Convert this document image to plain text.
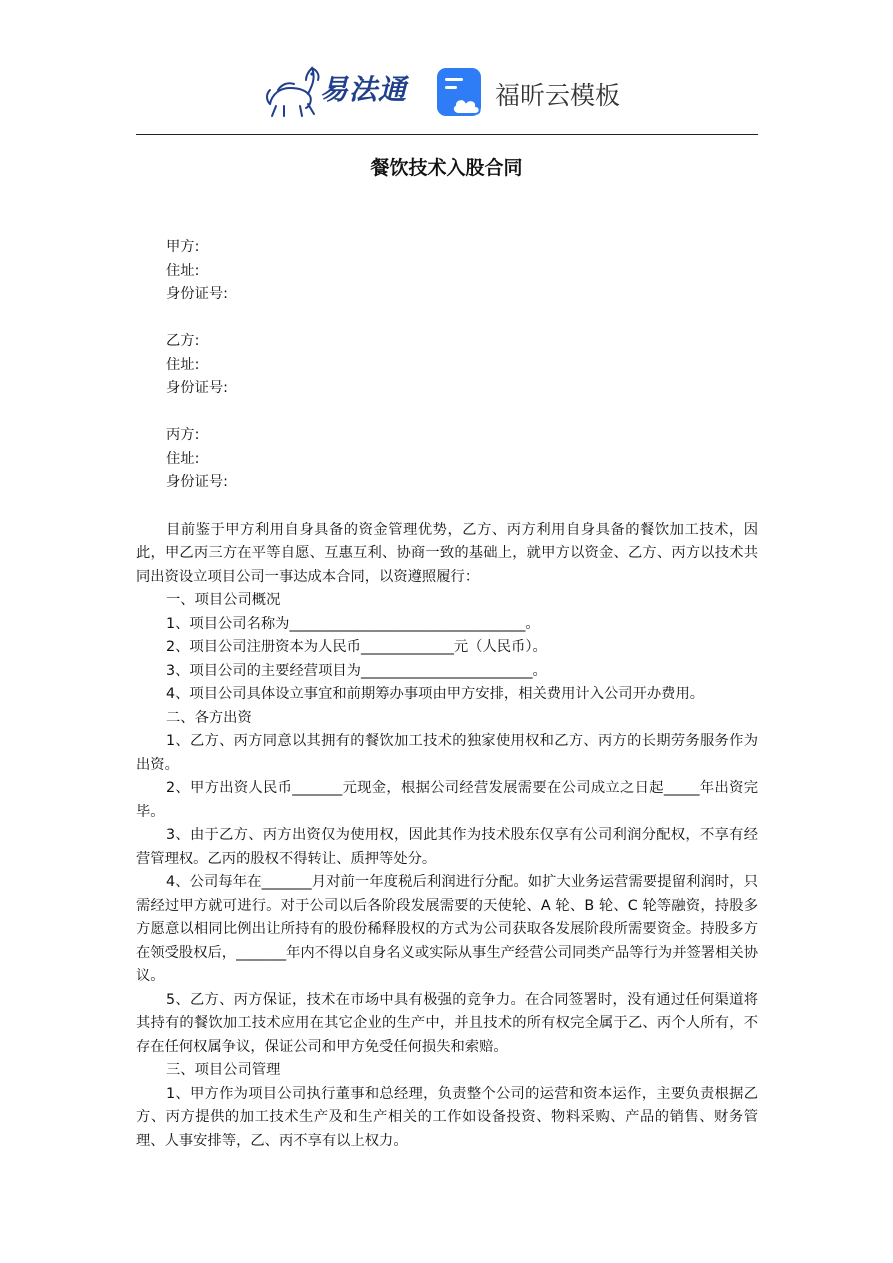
易法通	福昕云模板
餐饮技术入股合同
甲方:
住址:
身份证号:
乙方:
住址:
身份证号:
丙方:
住址:
身份证号:

目前鉴于甲方利用自身具备的资金管理优势，乙方、丙方利用自身具备的餐饮加工技术，因此，甲乙丙三方在平等自愿、互惠互利、协商一致的基础上，就甲方以资金、乙方、丙方以技术共同出资设立项目公司一事达成本合同，以资遵照履行：

一、项目公司概况

1、项目公司名称为_________________________________。

2、项目公司注册资本为人民币_____________元（人民币）。

3、项目公司的主要经营项目为________________________。

4、项目公司具体设立事宜和前期筹办事项由甲方安排，相关费用计入公司开办费用。

二、各方出资

1、乙方、丙方同意以其拥有的餐饮加工技术的独家使用权和乙方、丙方的长期劳务服务作为出资。

2、甲方出资人民币_______元现金，根据公司经营发展需要在公司成立之日起_____年出资完毕。

3、由于乙方、丙方出资仅为使用权，因此其作为技术股东仅享有公司利润分配权，不享有经营管理权。乙丙的股权不得转让、质押等处分。

4、公司每年在_______月对前一年度税后利润进行分配。如扩大业务运营需要提留利润时，只需经过甲方就可进行。对于公司以后各阶段发展需要的天使轮、A 轮、B 轮、C 轮等融资，持股多方愿意以相同比例出让所持有的股份稀释股权的方式为公司获取各发展阶段所需要资金。持股多方在领受股权后，_______年内不得以自身名义或实际从事生产经营公司同类产品等行为并签署相关协议。

5、乙方、丙方保证，技术在市场中具有极强的竞争力。在合同签署时，没有通过任何渠道将其持有的餐饮加工技术应用在其它企业的生产中，并且技术的所有权完全属于乙、丙个人所有，不存在任何权属争议，保证公司和甲方免受任何损失和索赔。

三、项目公司管理

1、甲方作为项目公司执行董事和总经理，负责整个公司的运营和资本运作，主要负责根据乙方、丙方提供的加工技术生产及和生产相关的工作如设备投资、物料采购、产品的销售、财务管理、人事安排等，乙、丙不享有以上权力。
